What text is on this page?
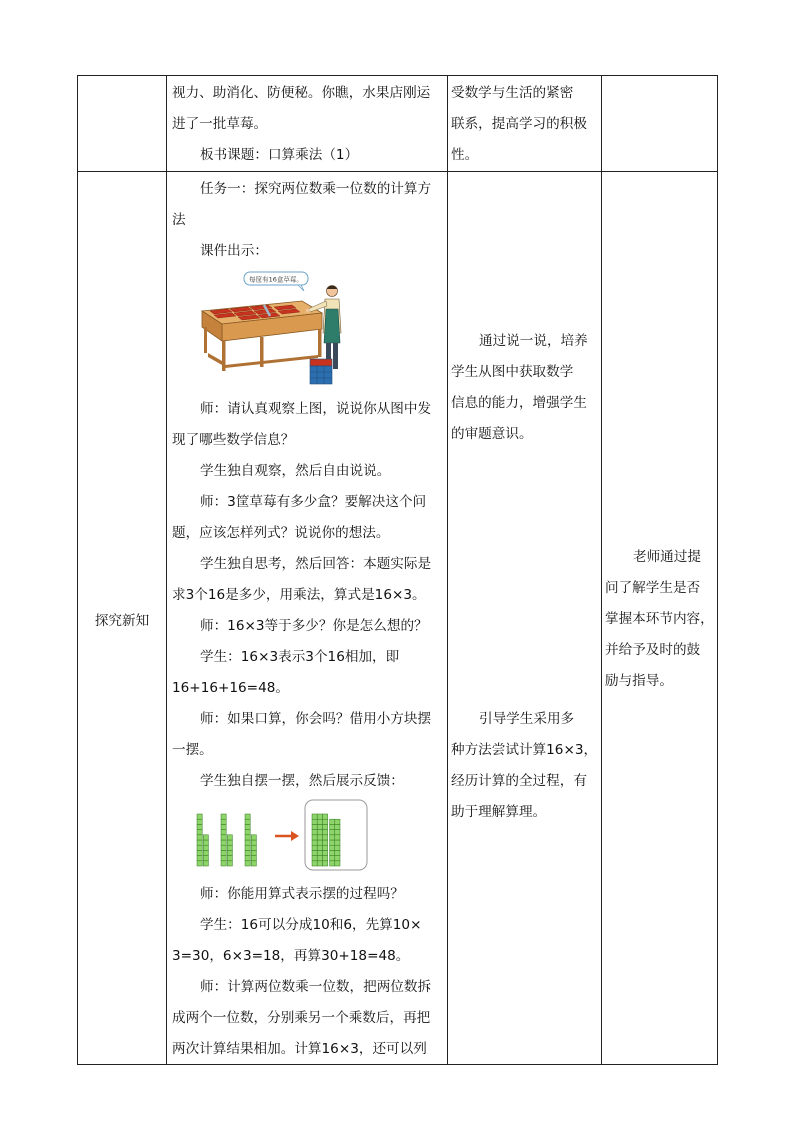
视力、助消化、防便秘。你瞧，水果店刚运
进了一批草莓。
板书课题：口算乘法（1）
受数学与生活的紧密
联系，提高学习的积极
性。
探究新知
任务一：探究两位数乘一位数的计算方
法
课件出示：
每筐有16盒草莓。
师：请认真观察上图，说说你从图中发
现了哪些数学信息？
学生独自观察，然后自由说说。
师：3筐草莓有多少盒？要解决这个问
题，应该怎样列式？说说你的想法。
学生独自思考，然后回答：本题实际是
求3个16是多少，用乘法，算式是16×3。
师：16×3等于多少？你是怎么想的？
学生：16×3表示3个16相加，即
16+16+16=48。
师：如果口算，你会吗？借用小方块摆
一摆。
学生独自摆一摆，然后展示反馈：
师：你能用算式表示摆的过程吗？
学生：16可以分成10和6，先算10×
3=30，6×3=18，再算30+18=48。
师：计算两位数乘一位数，把两位数拆
成两个一位数，分别乘另一个乘数后，再把
两次计算结果相加。计算16×3，还可以列
通过说一说，培养
学生从图中获取数学
信息的能力，增强学生
的审题意识。
引导学生采用多
种方法尝试计算16×3，
经历计算的全过程，有
助于理解算理。
老师通过提
问了解学生是否
掌握本环节内容，
并给予及时的鼓
励与指导。
